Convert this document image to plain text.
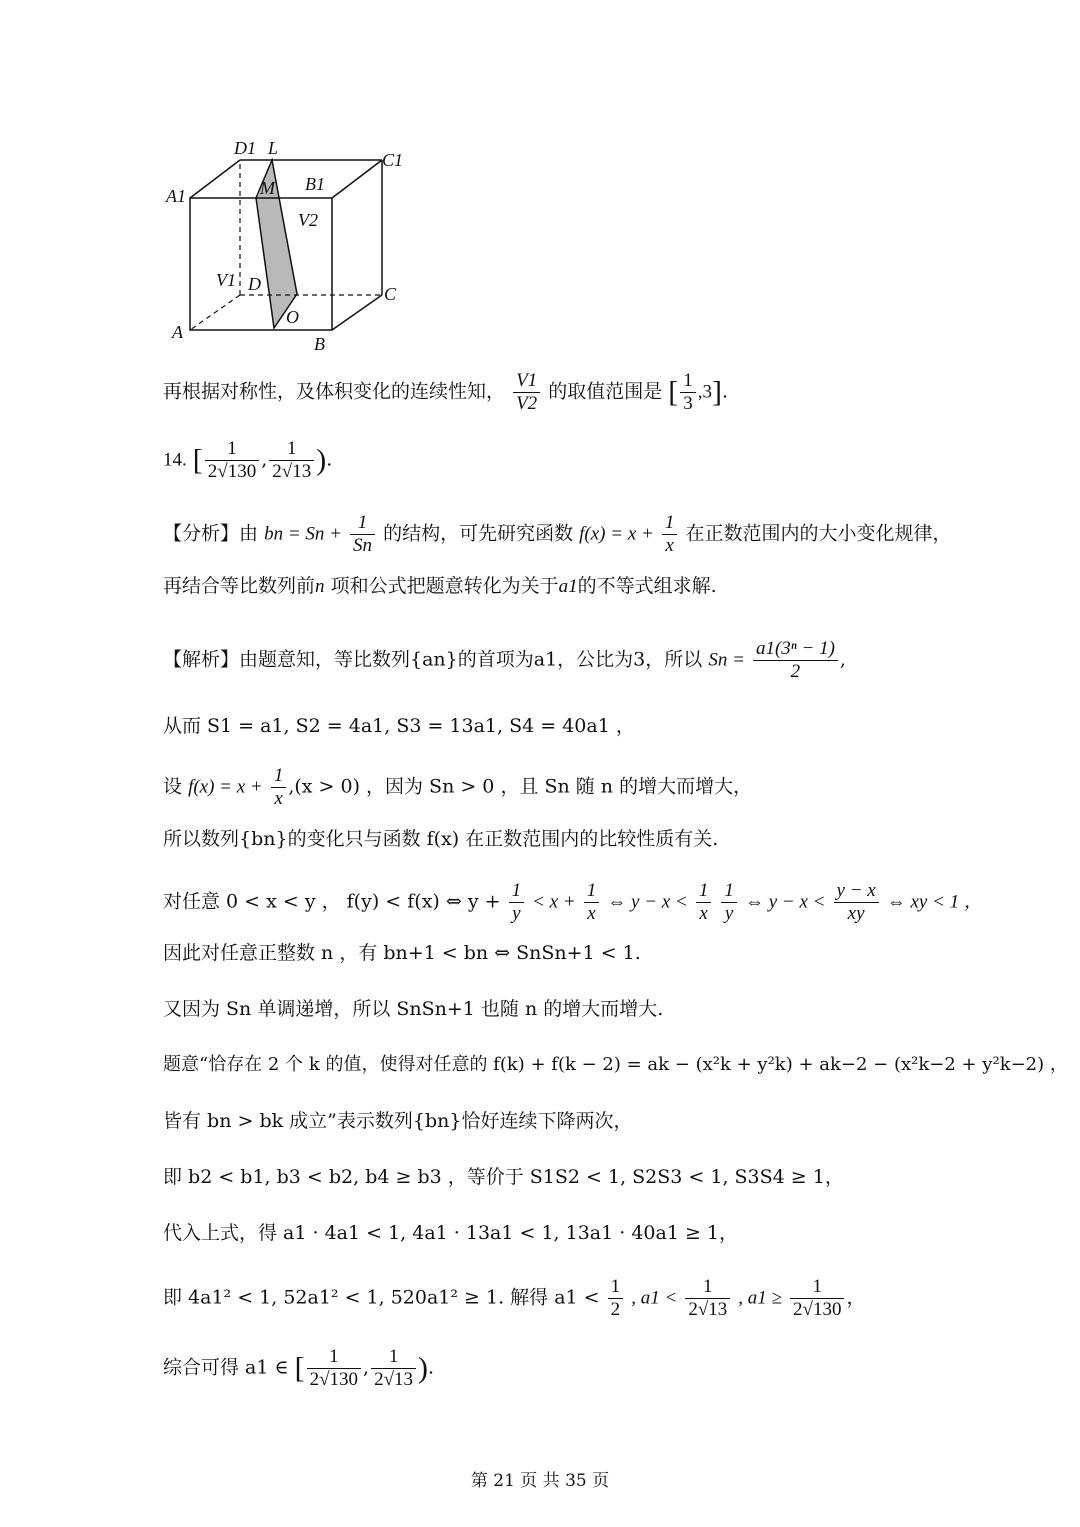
D1 L
C1
A1	M B1
V2
V1 D	C
O
A
B
再根据对称性，及体积变化的连续性知， $\frac{V1}{V2}$ 的取值范围是 [ $\frac{1}{3} ,3$].
14. [ $\frac{1}{2√130}$ , $\frac{1}{2√13}$ ).
【分析】由 bn = $Sn + \frac{1}{Sn}$ 的结构，可先研究函数 $f(x) = x + \frac{1}{x}$ 在正数范围内的大小变化规律，
再结合等比数列前n 项和公式把题意转化为关于a1的不等式组求解.
【解析】由题意知，等比数列{an}的首项为a1，公比为3，所以 $Sn = \frac{\text{a1(3ⁿ − 1)}}{2}$ ,
从而 S1 = a1, S2 = 4a1, S3 = 13a1, S4 = 40a1 ，
设 $f(x) = x + \frac{1}{x} ,(x > 0)$ ，因为 Sn > 0 ，且 Sn 随 n 的增大而增大，
所以数列{bn}的变化只与函数 f(x) 在正数范围内的比较性质有关.
对任意 0 < x < y ， f(y) < f(x) ⇔ $y + \frac{1}{y} < x + \frac{1}{x}$ ⇔ $y - x < \frac{1}{x}$
$\frac{1}{y}$ ⇔ $y - x < \frac{y - x}{xy}$ ⇔ xy < 1 ，
因此对任意正整数 n ，有 bn+1 < bn ⇔ SnSn+1 < 1.
又因为 Sn 单调递增，所以 SnSn+1 也随 n 的增大而增大.
题意“恰存在 2 个 k 的值，使得对任意的 f(k) + f(k − 2) = ak − (x²k + y²k) + ak−2 − (x²k−2 + y²k−2) ，
皆有 bn > bk 成立”表示数列{bn}恰好连续下降两次，
即 b2 < b1, b3 < b2, b4 ≥ b3 ，等价于 S1S2 < 1, S2S3 < 1, S3S4 ≥ 1，
代入上式，得 a1 · 4a1 < 1, 4a1 · 13a1 < 1, 13a1 · 40a1 ≥ 1，
即 4a1² < 1, 52a1² < 1, 520a1² ≥ 1. 解得 $a1 < \frac{1}{2}$ , $a1 < \frac{1}{2√13}$ , $a1 \ge \frac{1}{2√130}$ ，
综合可得 a1 ∈ [ $\frac{1}{2√130}$ , $\frac{1}{2√13}$ ).
第 21 页 共 35 页
